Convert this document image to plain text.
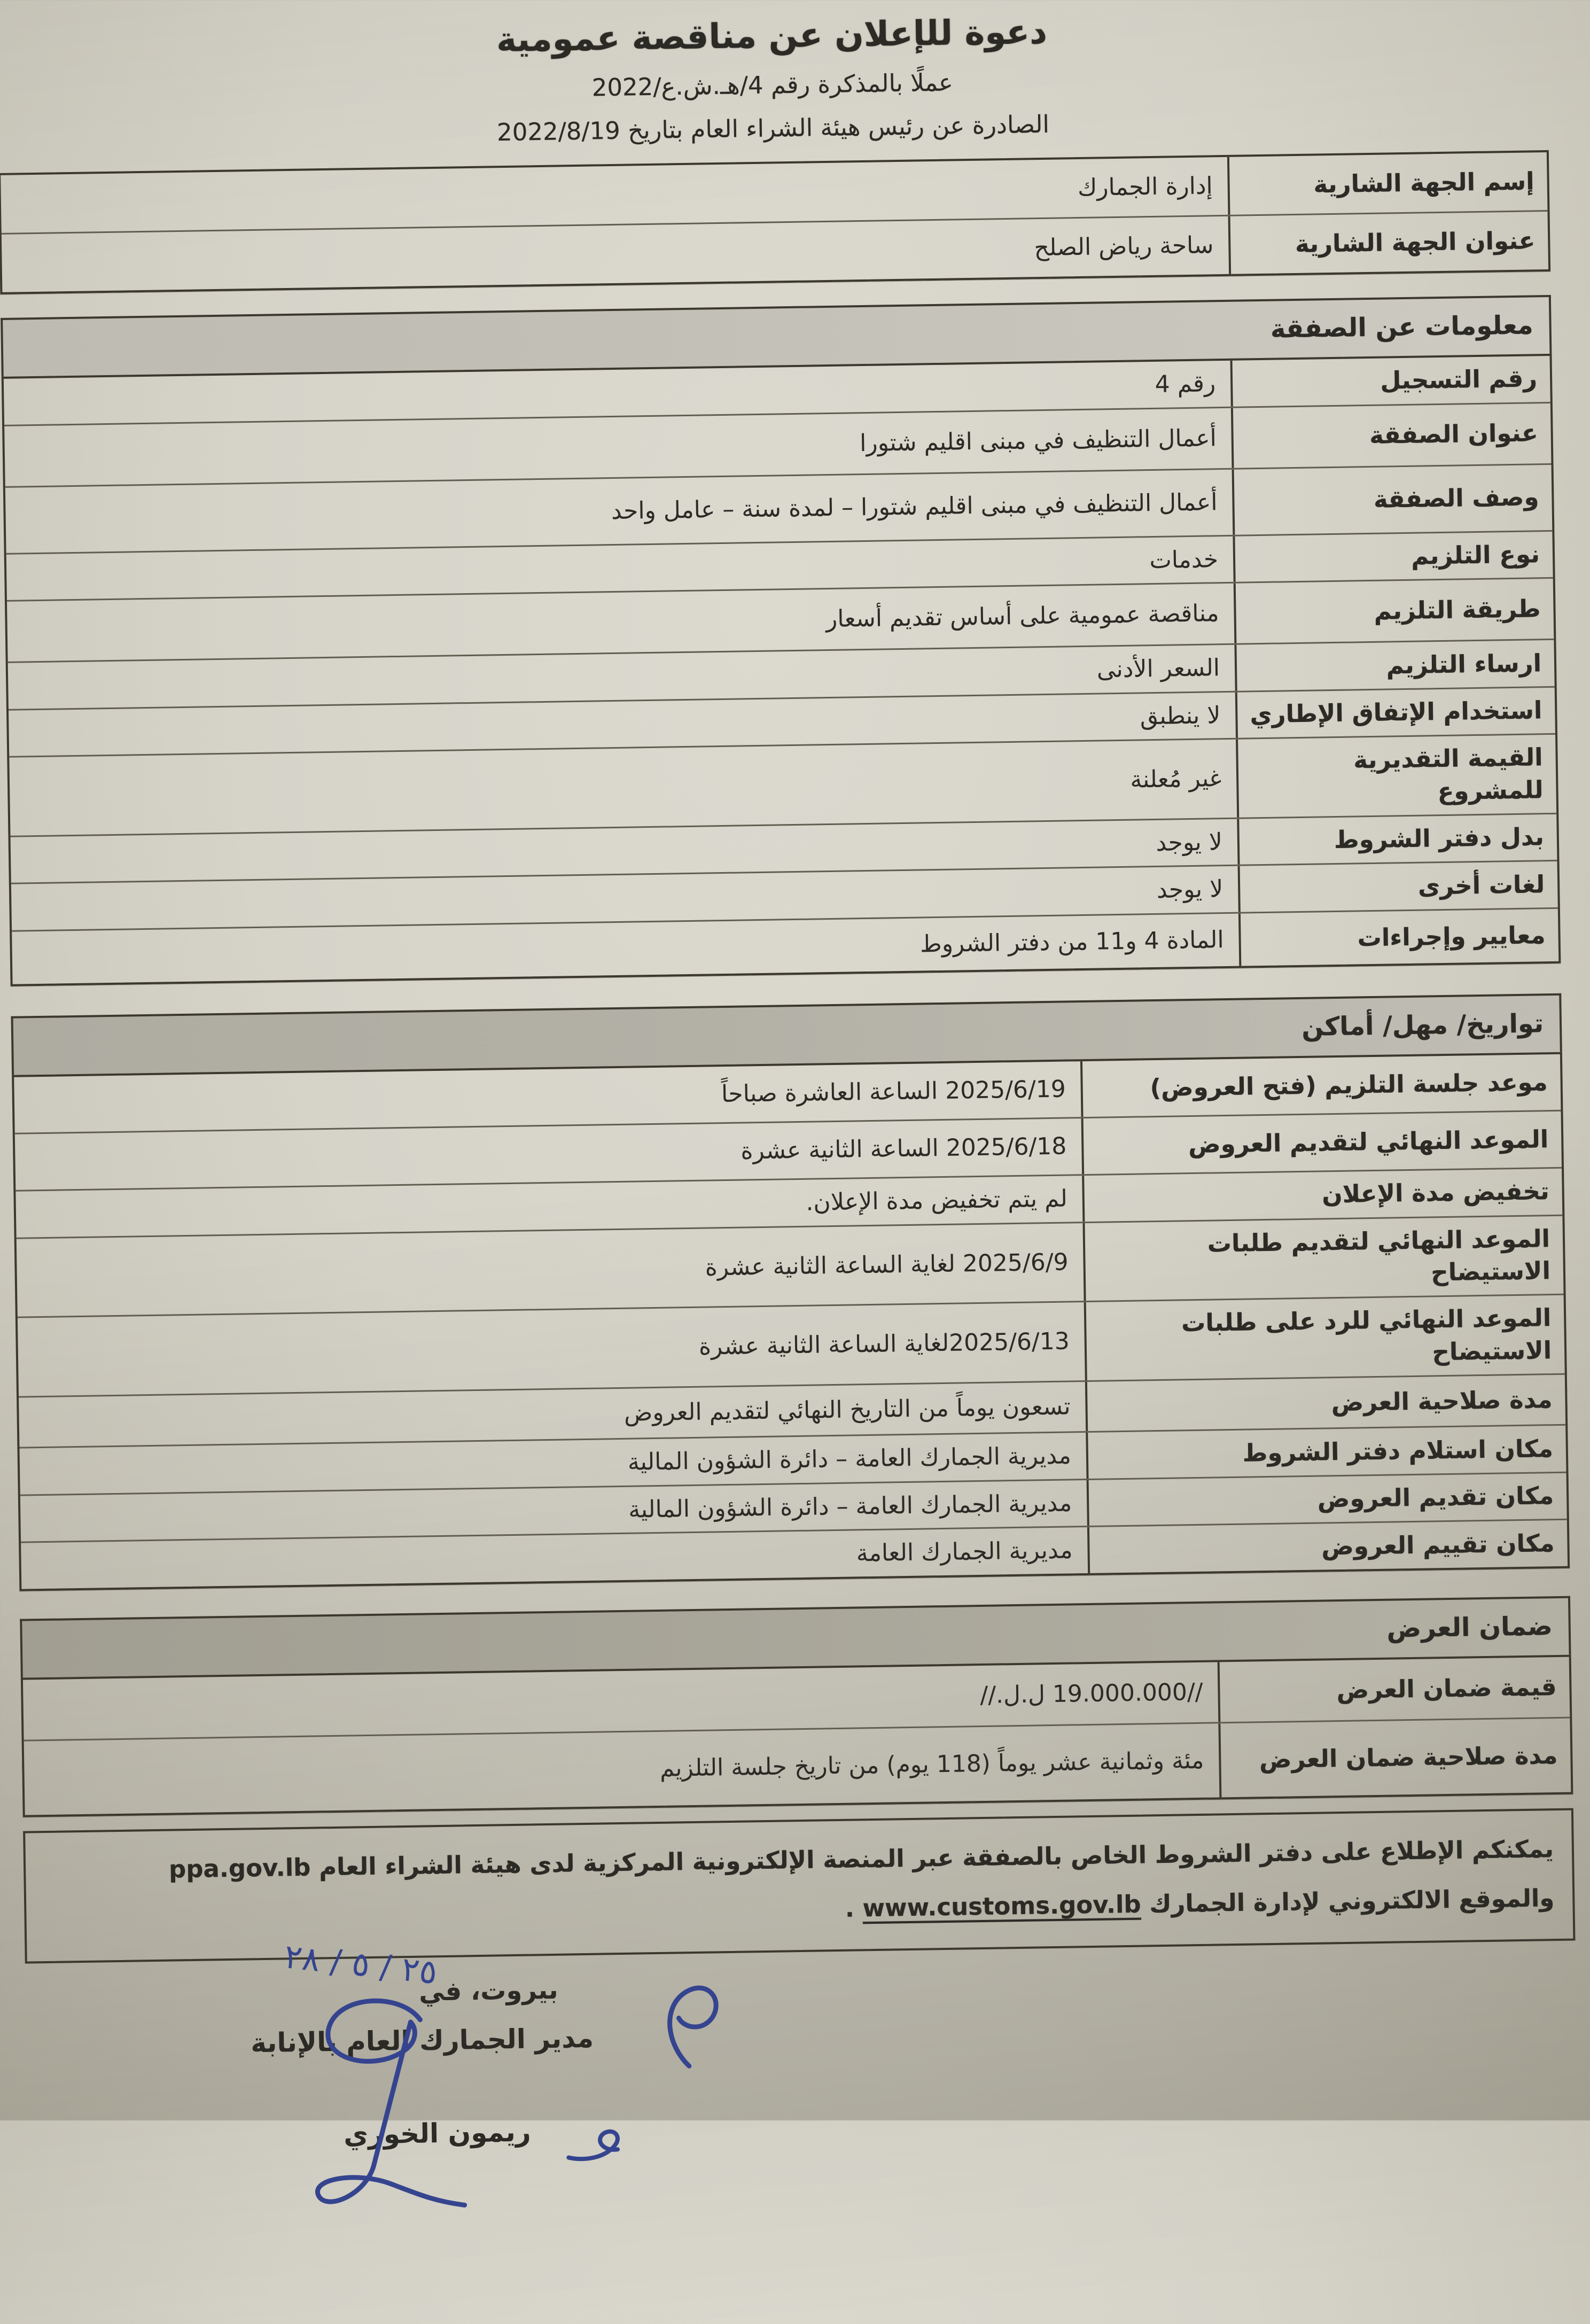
دعوة للإعلان عن مناقصة عمومية
عملًا بالمذكرة رقم 4/هـ.ش.ع/2022
الصادرة عن رئيس هيئة الشراء العام بتاريخ 2022/8/19
إسم الجهة الشارية
إدارة الجمارك
عنوان الجهة الشارية
ساحة رياض الصلح
معلومات عن الصفقة
رقم التسجيل
رقم 4
عنوان الصفقة
أعمال التنظيف في مبنى اقليم شتورا
وصف الصفقة
أعمال التنظيف في مبنى اقليم شتورا – لمدة سنة – عامل واحد
نوع التلزيم
خدمات
طريقة التلزيم
مناقصة عمومية على أساس تقديم أسعار
ارساء التلزيم
السعر الأدنى
استخدام الإتفاق الإطاري
لا ينطبق
القيمة التقديرية للمشروع
غير مُعلنة
بدل دفتر الشروط
لا يوجد
لغات أخرى
لا يوجد
معايير وإجراءات
المادة 4 و11 من دفتر الشروط
تواريخ/ مهل/ أماكن
موعد جلسة التلزيم (فتح العروض)
2025/6/19 الساعة العاشرة صباحاً
الموعد النهائي لتقديم العروض
2025/6/18 الساعة الثانية عشرة
تخفيض مدة الإعلان
لم يتم تخفيض مدة الإعلان.
الموعد النهائي لتقديم طلبات الاستيضاح
2025/6/9 لغاية الساعة الثانية عشرة
الموعد النهائي للرد على طلبات الاستيضاح
2025/6/13لغاية الساعة الثانية عشرة
مدة صلاحية العرض
تسعون يوماً من التاريخ النهائي لتقديم العروض
مكان استلام دفتر الشروط
مديرية الجمارك العامة – دائرة الشؤون المالية
مكان تقديم العروض
مديرية الجمارك العامة – دائرة الشؤون المالية
مكان تقييم العروض
مديرية الجمارك العامة
ضمان العرض
قيمة ضمان العرض
//19.000.000 ل.ل.//
مدة صلاحية ضمان العرض
مئة وثمانية عشر يوماً (118 يوم) من تاريخ جلسة التلزيم
يمكنكم الإطلاع على دفتر الشروط الخاص بالصفقة عبر المنصة الإلكترونية المركزية لدى هيئة الشراء العام ppa.gov.lb
والموقع الالكتروني لإدارة الجمارك www.customs.gov.lb .
بيروت، في
٢٥ / ٥ / ٢٨
مدير الجمارك العام بالإنابة
ريمون الخوري
